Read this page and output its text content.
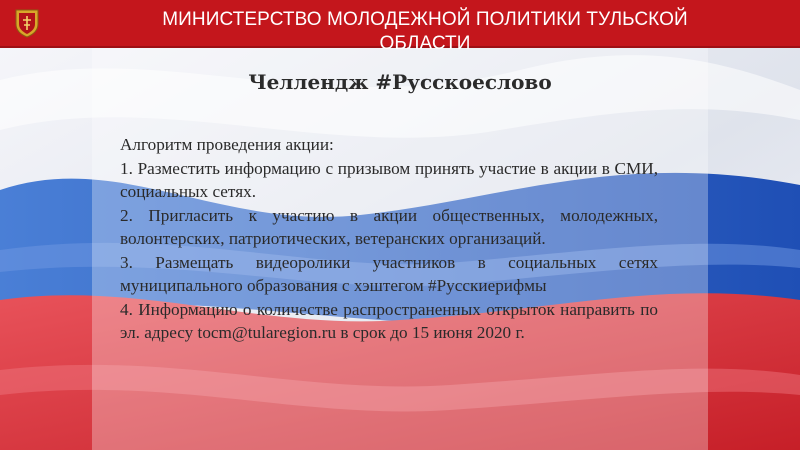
МИНИСТЕРСТВО МОЛОДЕЖНОЙ ПОЛИТИКИ ТУЛЬСКОЙ ОБЛАСТИ
Челлендж #Русскоеслово

Алгоритм проведения акции:

1. Разместить информацию с призывом принять участие в акции в СМИ, социальных сетях.

2. Пригласить к участию в акции общественных, молодежных, волонтерских, патриотических, ветеранских организаций.

3. Размещать видеоролики участников в социальных сетях муниципального образования с хэштегом #Русскиерифмы

4. Информацию о количестве распространенных открыток направить по эл. адресу tocm@tularegion.ru в срок до 15 июня 2020 г.
